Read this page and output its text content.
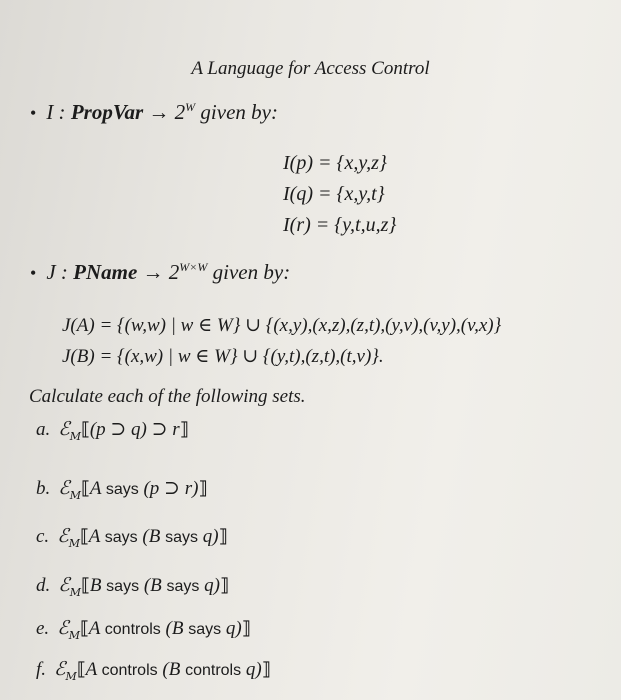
A Language for Access Control
• I : PropVar → $2^W$ given by:
I(p) = {x,y,z}
I(q) = {x,y,t}
I(r) = {y,t,u,z}
• J : PName → $2^{W\times W}$ given by:
J(A) = {(w,w) | w ∈ W} ∪ {(x,y),(x,z),(z,t),(y,v),(v,y),(v,x)}
J(B) = {(x,w) | w ∈ W} ∪ {(y,t),(z,t),(t,v)}.
Calculate each of the following sets.
a. ℰ$_M$⟦(p ⊃ q) ⊃ r⟧
b. ℰ$_M$⟦A says (p ⊃ r)⟧
c. ℰ$_M$⟦A says (B says q)⟧
d. ℰ$_M$⟦B says (B says q)⟧
e. ℰ$_M$⟦A controls (B says q)⟧
f. ℰ$_M$⟦A controls (B controls q)⟧
